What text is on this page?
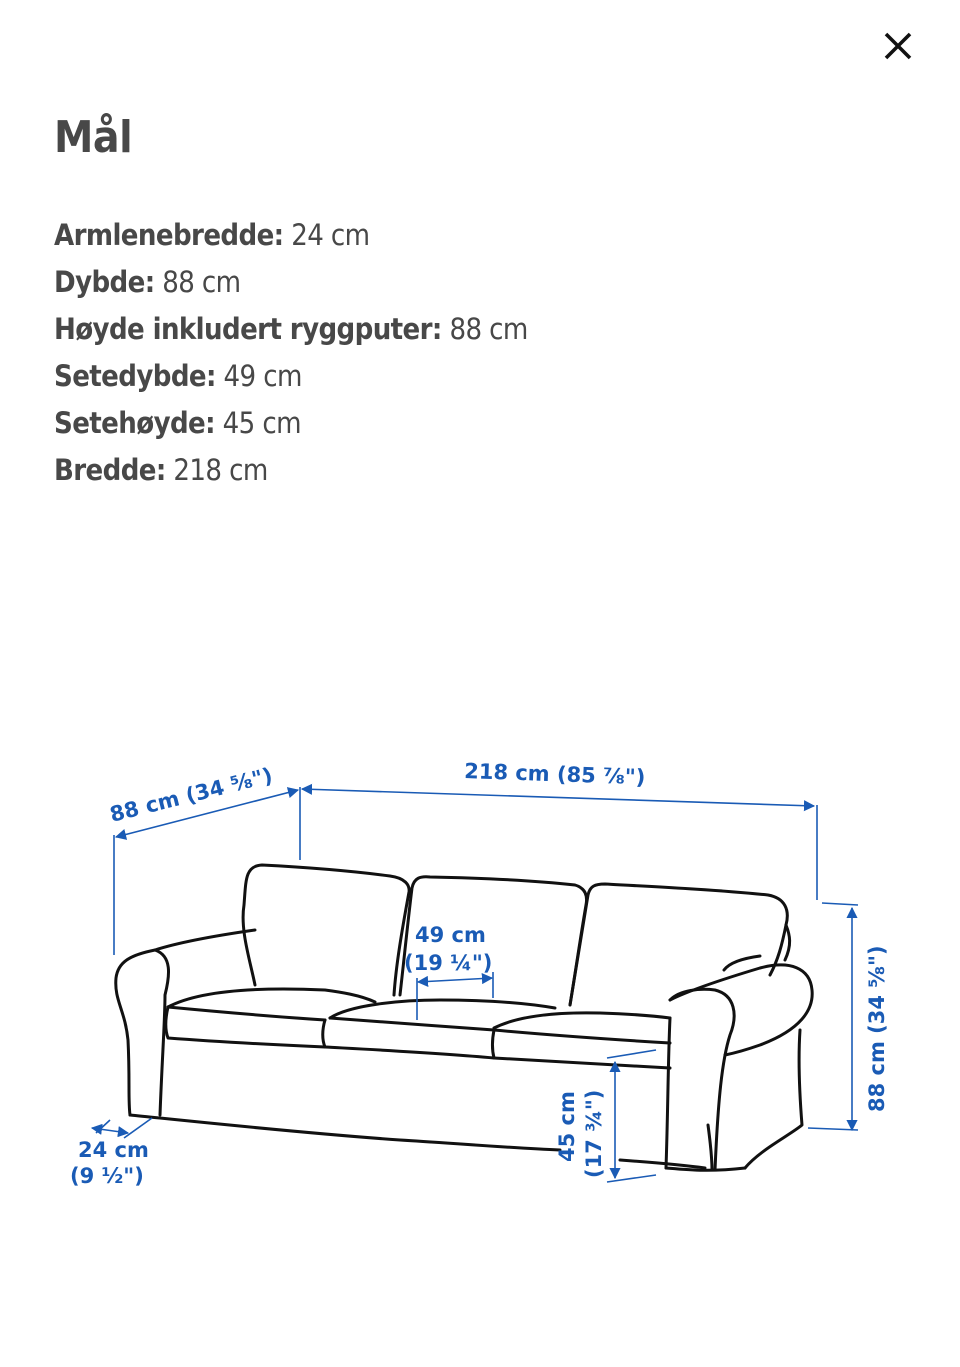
Mål
Armlenebredde: 24 cm
Dybde: 88 cm
Høyde inkludert ryggputer: 88 cm
Setedybde: 49 cm
Setehøyde: 45 cm
Bredde: 218 cm
88 cm (34 ⅝")	218 cm (85 ⅞")
49 cm
(19 ¼")
45 cm (17 ¾")
88 cm (34 ⅝")
24 cm
(9 ½")
